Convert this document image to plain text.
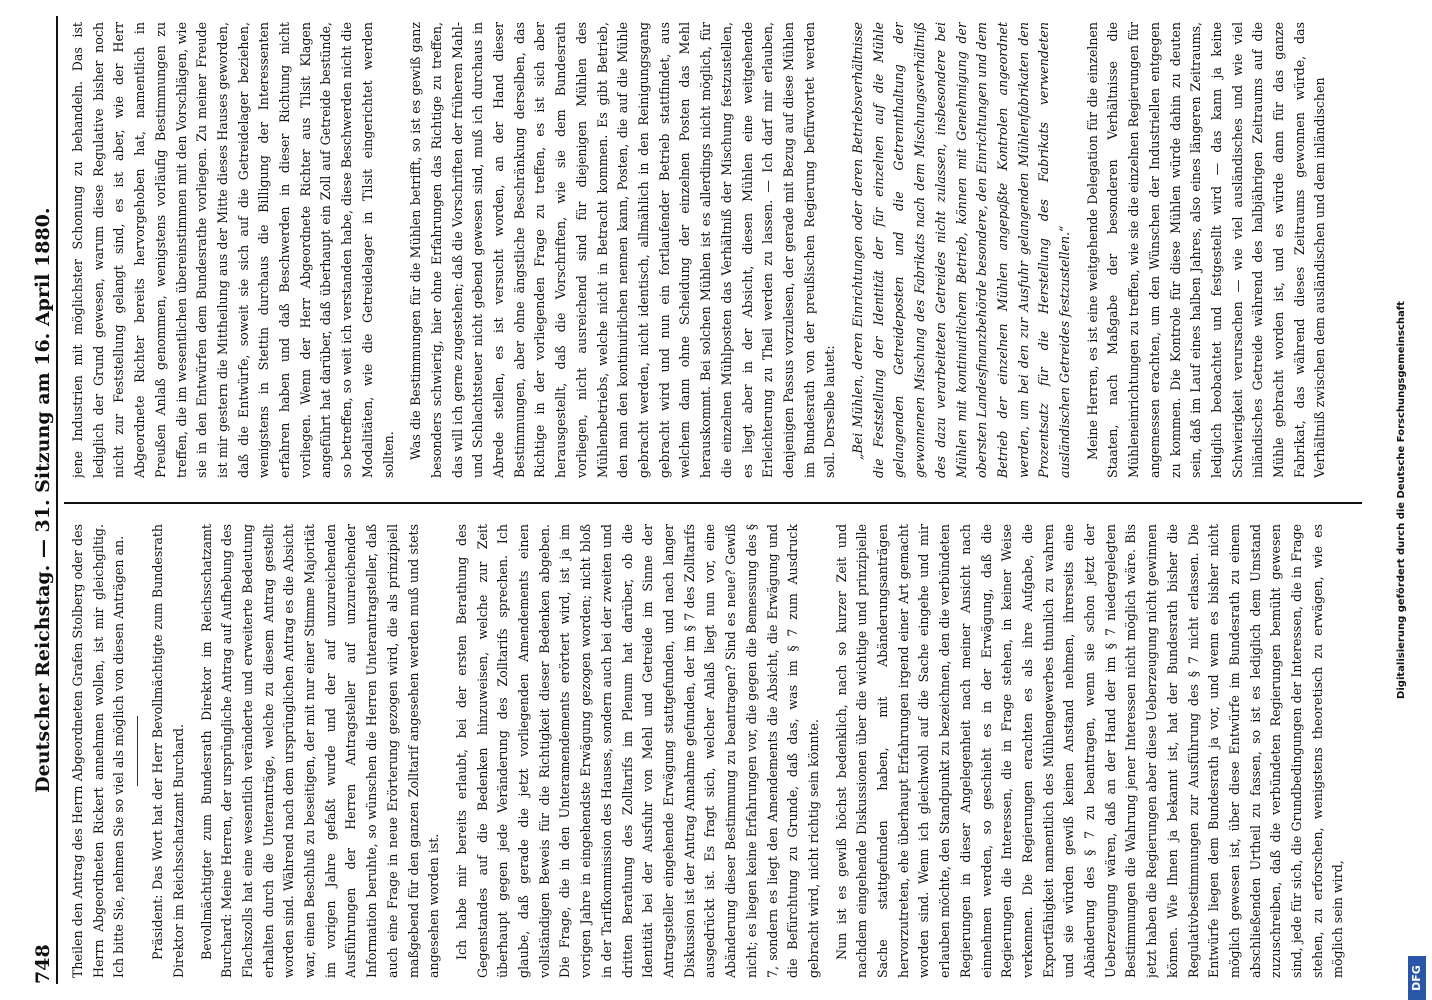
748
Deutscher Reichstag. — 31. Sitzung am 16. April 1880. Theilen den Antrag des Herrn Abgeordneten Grafen Stolberg oder des Herrn Abgeordneten Rickert annehmen wollen, ist mir gleichgiltig. Ich bitte Sie, nehmen Sie so viel als möglich von diesen Anträgen an. Präsident: Das Wort hat der Herr Bevollmächtigte zum Bundesrath Direktor im Reichsschatzamt Burchard. Bevollmächtigter zum Bundesrath Direktor im Reichsschatzamt Burchard: Meine Herren, der ursprüngliche Antrag auf Aufhebung des Flachszolls hat eine wesentlich veränderte und erweiterte Bedeutung erhalten durch die Unteranträge, welche zu diesem Antrag gestellt worden sind. Während nach dem ursprünglichen Antrag es die Absicht war, einen Beschluß zu beseitigen, der mit nur einer Stimme Majorität im vorigen Jahre gefaßt wurde und der auf unzureichenden Ausführungen der Herren Antragsteller auf unzureichender Information beruhte, so wünschen die Herren Unterantragsteller, daß auch eine Frage in neue Erörterung gezogen wird, die als prinzipiell maßgebend für den ganzen Zolltarif angesehen werden muß und stets angesehen worden ist. Ich habe mir bereits erlaubt, bei der ersten Berathung des Gegenstandes auf die Bedenken hinzuweisen, welche zur Zeit überhaupt gegen jede Veränderung des Zolltarifs sprechen. Ich glaube, daß gerade die jetzt vorliegenden Amendements einen vollständigen Beweis für die Richtigkeit dieser Bedenken abgeben. Die Frage, die in den Unteramendements erörtert wird, ist ja im vorigen Jahre in eingehendste Erwägung gezogen worden; nicht bloß in der Tarifkommission des Hauses, sondern auch bei der zweiten und dritten Berathung des Zolltarifs im Plenum hat darüber, ob die Identität bei der Ausfuhr von Mehl und Getreide im Sinne der Antragsteller eingehende Erwägung stattgefunden, und nach langer Diskussion ist der Antrag Annahme gefunden, der im § 7 des Zolltarifs ausgedrückt ist. Es fragt sich, welcher Anlaß liegt nun vor, eine Abänderung dieser Bestimmung zu beantragen? Sind es neue? Gewiß nicht; es liegen keine Erfahrungen vor, die gegen die Bemessung des § 7, sondern es liegt den Amendements die Absicht, die Erwägung und die Befürchtung zu Grunde, daß das, was im § 7 zum Ausdruck gebracht wird, nicht richtig sein könnte. Nun ist es gewiß höchst bedenklich, nach so kurzer Zeit und nachdem eingehende Diskussionen über die wichtige und prinzipielle Sache stattgefunden haben, mit Abänderungsanträgen hervorzutreten, ehe überhaupt Erfahrungen irgend einer Art gemacht worden sind. Wenn ich gleichwohl auf die Sache eingehe und mir erlauben möchte, den Standpunkt zu bezeichnen, den die verbündeten Regierungen in dieser Angelegenheit nach meiner Ansicht nach einnehmen werden, so geschieht es in der Erwägung, daß die Regierungen die Interessen, die in Frage stehen, in keiner Weise verkennen. Die Regierungen erachten es als ihre Aufgabe, die Exportfähigkeit namentlich des Mühlengewerbes thunlich zu wahren und sie würden gewiß keinen Anstand nehmen, ihrerseits eine Abänderung des § 7 zu beantragen, wenn sie schon jetzt der Ueberzeugung wären, daß an der Hand der im § 7 niedergelegten Bestimmungen die Wahrung jener Interessen nicht möglich wäre. Bis jetzt haben die Regierungen aber diese Ueberzeugung nicht gewinnen können. Wie Ihnen ja bekannt ist, hat der Bundesrath bisher die Regulativbestimmungen zur Ausführung des § 7 nicht erlassen. Die Entwürfe liegen dem Bundesrath ja vor, und wenn es bisher nicht möglich gewesen ist, über diese Entwürfe im Bundesrath zu einem abschließenden Urtheil zu fassen, so ist es lediglich dem Umstand zuzuschreiben, daß die verbündeten Regierungen bemüht gewesen sind, jede für sich, die Grundbedingungen der Interessen, die in Frage stehen, zu erforschen, wenigstens theoretisch zu erwägen, wie es möglich sein wird,

jene Industrien mit möglichster Schonung zu behandeln. Das ist lediglich der Grund gewesen, warum diese Regulative bisher noch nicht zur Feststellung gelangt sind, es ist aber, wie der Herr Abgeordnete Richter bereits hervorgehoben hat, namentlich in Preußen Anlaß genommen, wenigstens vorläufig Bestimmungen zu treffen, die im wesentlichen übereinstimmen mit den Vorschlägen, wie sie in den Entwürfen dem Bundesrathe vorliegen. Zu meiner Freude ist mir gestern die Mittheilung aus der Mitte dieses Hauses geworden, daß die Entwürfe, soweit sie sich auf die Getreidelager beziehen, wenigstens in Stettin durchaus die Billigung der Interessenten erfahren haben und daß Beschwerden in dieser Richtung nicht vorliegen. Wenn der Herr Abgeordnete Richter aus Tilsit Klagen angeführt hat darüber, daß überhaupt ein Zoll auf Getreide bestünde, so betreffen, so weit ich verstanden habe, diese Beschwerden nicht die Modalitäten, wie die Getreidelager in Tilsit eingerichtet werden sollten. Was die Bestimmungen für die Mühlen betrifft, so ist es gewiß ganz besonders schwierig, hier ohne Erfahrungen das Richtige zu treffen, das will ich gerne zugestehen; daß die Vorschriften der früheren Mahl- und Schlachtsteuer nicht gebend gewesen sind, muß ich durchaus in Abrede stellen, es ist versucht worden, an der Hand dieser Bestimmungen, aber ohne ängstliche Beschränkung derselben, das Richtige in der vorliegenden Frage zu treffen, es ist sich aber herausgestellt, daß die Vorschriften, wie sie dem Bundesrath vorliegen, nicht ausreichend sind für diejenigen Mühlen des Mühlenbetriebs, welche nicht in Betracht kommen. Es gibt Betrieb, den man den kontinuirlichen nennen kann, Posten, die auf die Mühle gebracht werden, nicht identisch, allmählich in den Reinigungsgang gebracht wird und nun ein fortlaufender Betrieb stattfindet, aus welchem dann ohne Scheidung der einzelnen Posten das Mehl herauskommt. Bei solchen Mühlen ist es allerdings nicht möglich, für die einzelnen Mühlposten das Verhältniß der Mischung festzustellen, es liegt aber in der Absicht, diesen Mühlen eine weitgehende Erleichterung zu Theil werden zu lassen. — Ich darf mir erlauben, denjenigen Passus vorzulesen, der gerade mit Bezug auf diese Mühlen im Bundesrath von der preußischen Regierung befürwortet werden soll. Derselbe lautet: „Bei Mühlen, deren Einrichtungen oder deren Betriebsverhältnisse die Feststellung der Identität der für einzelnen auf die Mühle gelangenden Getreideposten und die Getrennthaltung der gewonnenen Mischung des Fabrikats nach dem Mischungsverhältniß des dazu verarbeiteten Getreides nicht zulassen, insbesondere bei Mühlen mit kontinuirlichem Betrieb, können mit Genehmigung der obersten Landesfinanzbehörde besondere, den Einrichtungen und dem Betrieb der einzelnen Mühlen angepaßte Kontrolen angeordnet werden, um bei den zur Ausfuhr gelangenden Mühlenfabrikaten den Prozentsatz für die Herstellung des Fabrikats verwendeten ausländischen Getreides festzustellen.“ Meine Herren, es ist eine weitgehende Delegation für die einzelnen Staaten, nach Maßgabe der besonderen Verhältnisse die Mühleneinrichtungen zu treffen, wie sie die einzelnen Regierungen für angemessen erachten, um den Wünschen der Industriellen entgegen zu kommen. Die Kontrole für diese Mühlen würde dahin zu deuten sein, daß im Lauf eines halben Jahres, also eines längeren Zeitraums, lediglich beobachtet und festgestellt wird — das kann ja keine Schwierigkeit verursachen — wie viel ausländisches und wie viel inländisches Getreide während des halbjährigen Zeitraums auf die Mühle gebracht worden ist, und es würde dann für das ganze Fabrikat, das während dieses Zeitraums gewonnen würde, das Verhältniß zwischen dem ausländischen und dem inländischen

Digitalisierung gefördert durch die Deutsche Forschungsgemeinschaft
DFG
